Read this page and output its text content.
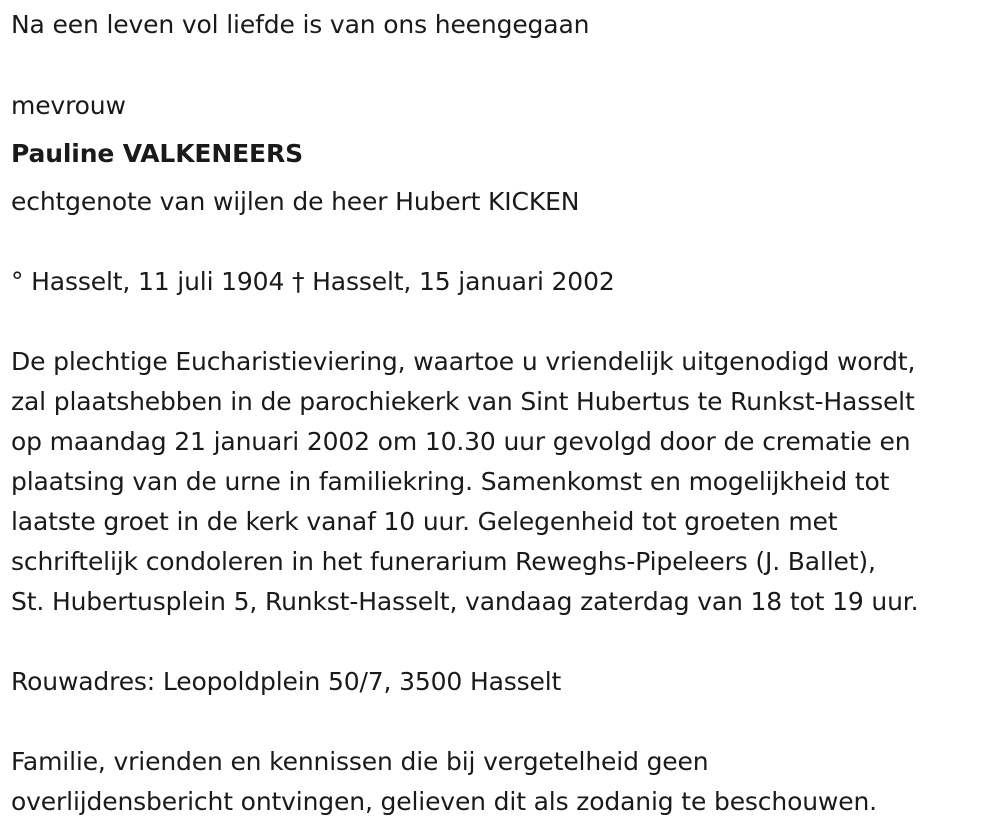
Na een leven vol liefde is van ons heengegaan
mevrouw
Pauline VALKENEERS
echtgenote van wijlen de heer Hubert KICKEN
° Hasselt, 11 juli 1904 † Hasselt, 15 januari 2002
De plechtige Eucharistieviering, waartoe u vriendelijk uitgenodigd wordt,
zal plaatshebben in de parochiekerk van Sint Hubertus te Runkst-Hasselt
op maandag 21 januari 2002 om 10.30 uur gevolgd door de crematie en
plaatsing van de urne in familiekring. Samenkomst en mogelijkheid tot
laatste groet in de kerk vanaf 10 uur. Gelegenheid tot groeten met
schriftelijk condoleren in het funerarium Reweghs-Pipeleers (J. Ballet),
St. Hubertusplein 5, Runkst-Hasselt, vandaag zaterdag van 18 tot 19 uur.
Rouwadres: Leopoldplein 50/7, 3500 Hasselt
Familie, vrienden en kennissen die bij vergetelheid geen
overlijdensbericht ontvingen, gelieven dit als zodanig te beschouwen.
